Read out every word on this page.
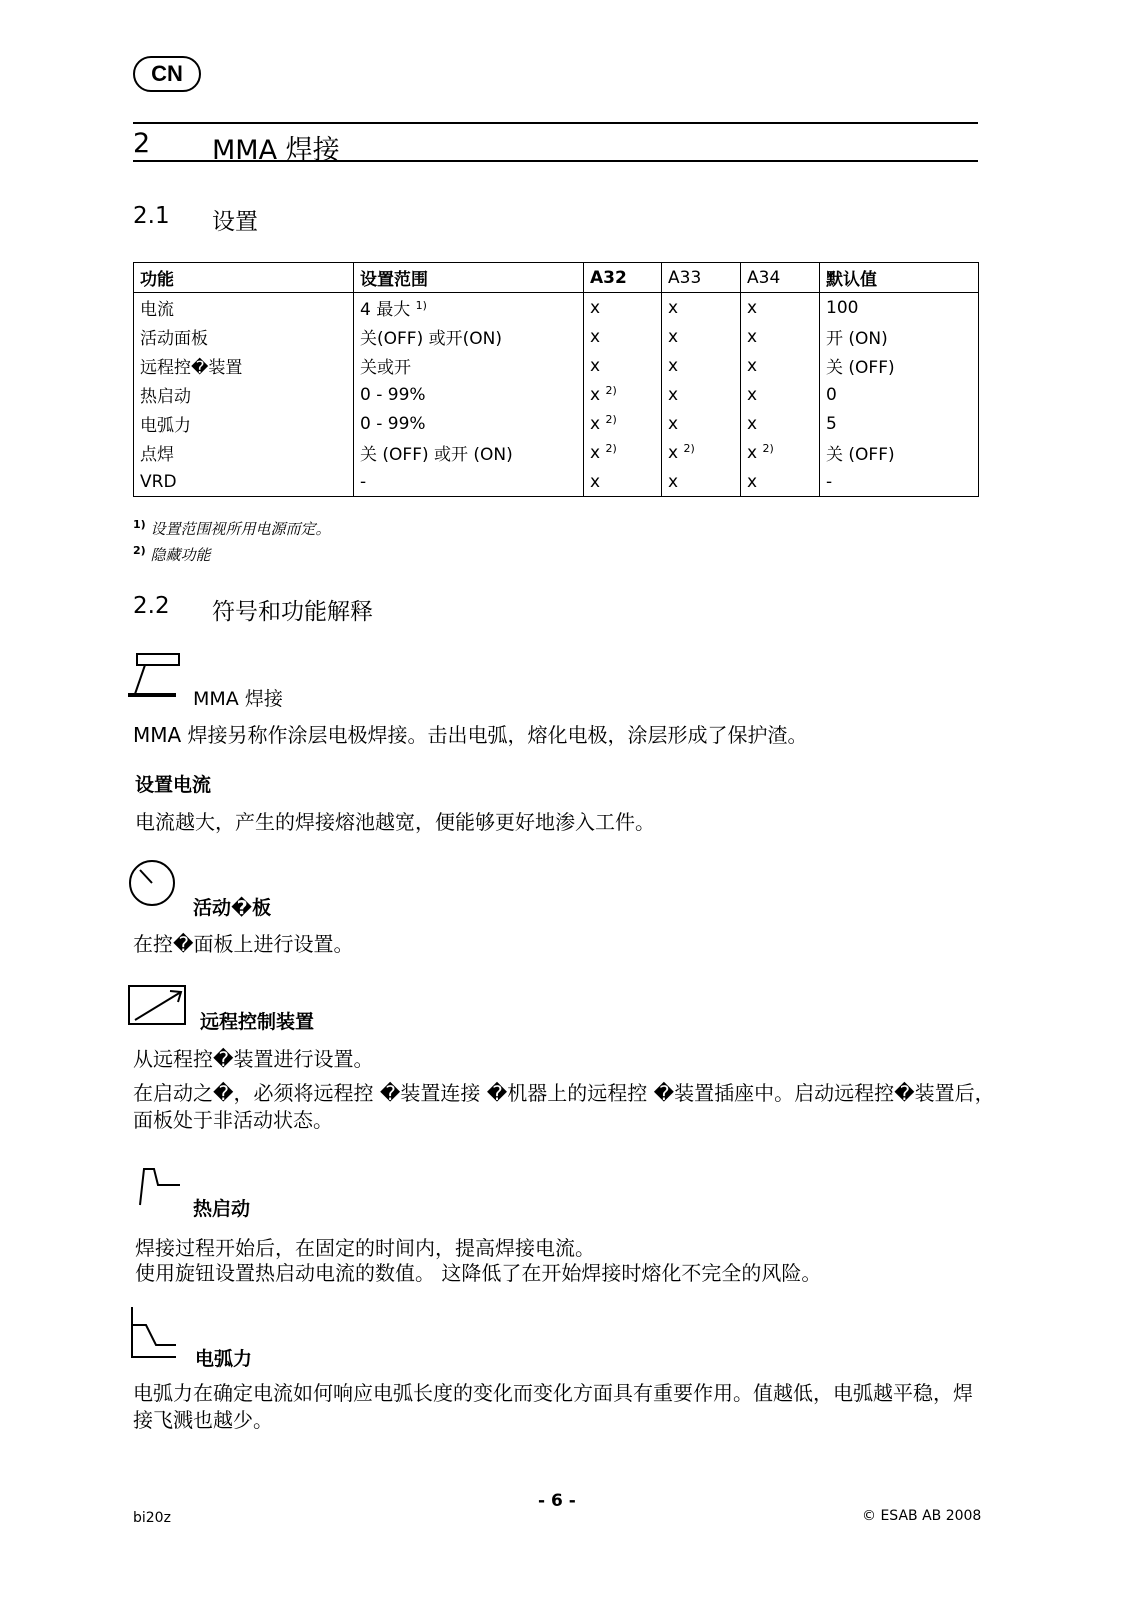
CN
2 MMA 焊接
2.1 设置
功能	设置范围	A32	A33	A34	默认值
电流	4 最大 $^{1)}$	x	x	x	100
活动面板	关(OFF) 或开(ON)	x	x	x	开 (ON)
远程控�装置	关或开	x	x	x	关 (OFF)
热启动	0 - 99%	x $^{2)}$	x	x	0
电弧力	0 - 99%	x $^{2)}$	x	x	5
点焊	关 (OFF) 或开 (ON)	x $^{2)}$	x $^{2)}$	x $^{2)}$	关 (OFF)
VRD	-	x	x	x	-
$^{1)}$ 设置范围视所用电源而定。
$^{2)}$ 隐藏功能
2.2 符号和功能解释
MMA 焊接
MMA 焊接另称作涂层电极焊接。击出电弧，熔化电极，涂层形成了保护渣。
设置电流
电流越大，产生的焊接熔池越宽，便能够更好地渗入工件。
活动�板
在控�面板上进行设置。
远程控制装置
从远程控�装置进行设置。
在启动之�，必须将远程控 �装置连接 �机器上的远程控 �装置插座中。启动远程控�装置后，面板处于非活动状态。
热启动
焊接过程开始后，在固定的时间内，提高焊接电流。
使用旋钮设置热启动电流的数值。 这降低了在开始焊接时熔化不完全的风险。
电弧力
电弧力在确定电流如何响应电弧长度的变化而变化方面具有重要作用。值越低，电弧越平稳，焊接飞溅也越少。
- 6 -
bi20z	© ESAB AB 2008
